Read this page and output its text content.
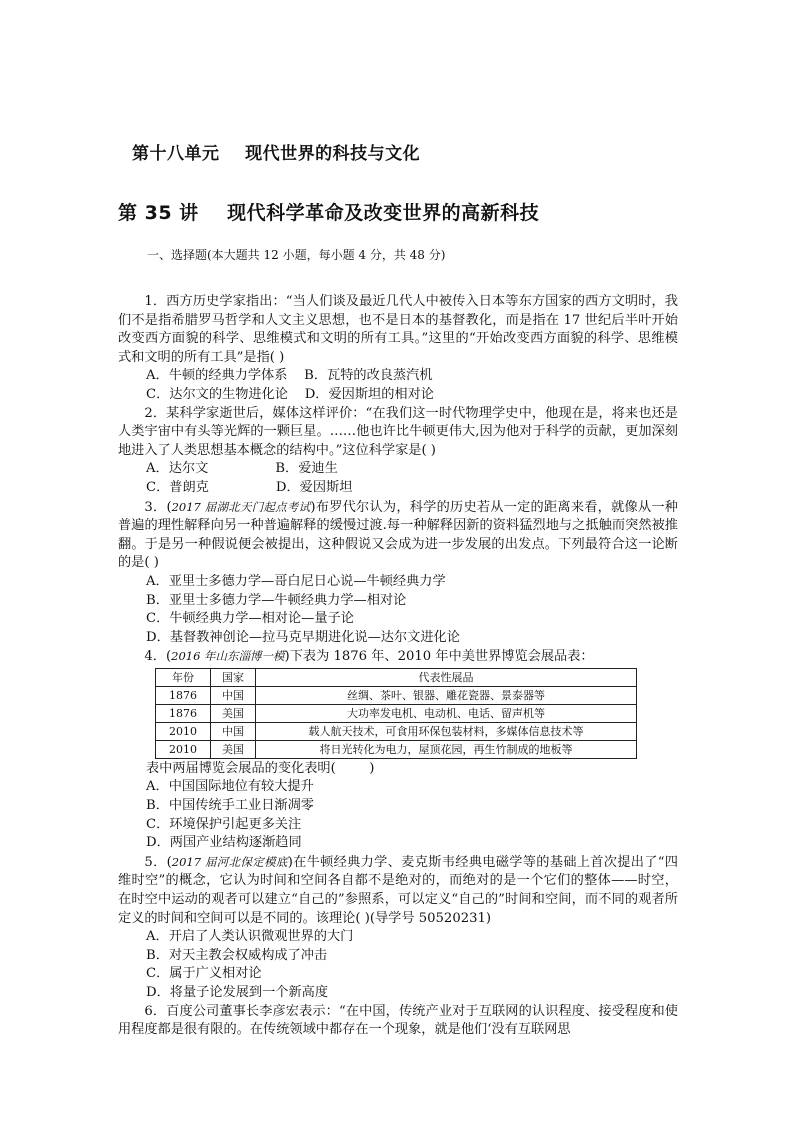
第十八单元    现代世界的科技与文化
第 35 讲    现代科学革命及改变世界的高新科技
一、选择题(本大题共 12 小题，每小题 4 分，共 48 分)

1．西方历史学家指出：“当人们谈及最近几代人中被传入日本等东方国家的西方文明时，我们不是指希腊罗马哲学和人文主义思想，也不是日本的基督教化，而是指在 17 世纪后半叶开始改变西方面貌的科学、思维模式和文明的所有工具。”这里的“开始改变西方面貌的科学、思维模式和文明的所有工具”是指( )

A．牛顿的经典力学体系    B．瓦特的改良蒸汽机
C．达尔文的生物进化论    D．爱因斯坦的相对论

2．某科学家逝世后，媒体这样评价：“在我们这一时代物理学史中，他现在是，将来也还是人类宇宙中有头等光辉的一颗巨星。……他也许比牛顿更伟大,因为他对于科学的贡献，更加深刻地进入了人类思想基本概念的结构中。”这位科学家是( )

A．达尔文                B．爱迪生
C．普朗克                D．爱因斯坦

3．(2017 届湖北天门起点考试)布罗代尔认为，科学的历史若从一定的距离来看，就像从一种普遍的理性解释向另一种普遍解释的缓慢过渡.每一种解释因新的资料猛烈地与之抵触而突然被推翻。于是另一种假说便会被提出，这种假说又会成为进一步发展的出发点。下列最符合这一论断的是( )

A．亚里士多德力学—哥白尼日心说—牛顿经典力学
B．亚里士多德力学—牛顿经典力学—相对论
C．牛顿经典力学—相对论—量子论
D．基督教神创论—拉马克早期进化说—达尔文进化论

4．(2016 年山东淄博一模)下表为 1876 年、2010 年中美世界博览会展品表：

年份	国家	代表性展品
1876	中国	丝绸、茶叶、银器、雕花瓷器、景泰器等
1876	美国	大功率发电机、电动机、电话、留声机等
2010	中国	载人航天技术，可食用环保包装材料，多媒体信息技术等
2010	美国	将日光转化为电力，屋顶花园，再生竹制成的地板等
表中两届博览会展品的变化表明(        )
A．中国国际地位有较大提升
B．中国传统手工业日渐凋零
C．环境保护引起更多关注
D．两国产业结构逐渐趋同

5．(2017 届河北保定模底)在牛顿经典力学、麦克斯韦经典电磁学等的基础上首次提出了“四维时空”的概念，它认为时间和空间各自都不是绝对的，而绝对的是一个它们的整体——时空，在时空中运动的观者可以建立“自己的”参照系，可以定义“自己的”时间和空间，而不同的观者所定义的时间和空间可以是不同的。该理论( )(导学号 50520231)

A．开启了人类认识微观世界的大门
B．对天主教会权威构成了冲击
C．属于广义相对论
D．将量子论发展到一个新高度

6．百度公司董事长李彦宏表示：“在中国，传统产业对于互联网的认识程度、接受程度和使用程度都是很有限的。在传统领域中都存在一个现象，就是他们‘没有互联网思
